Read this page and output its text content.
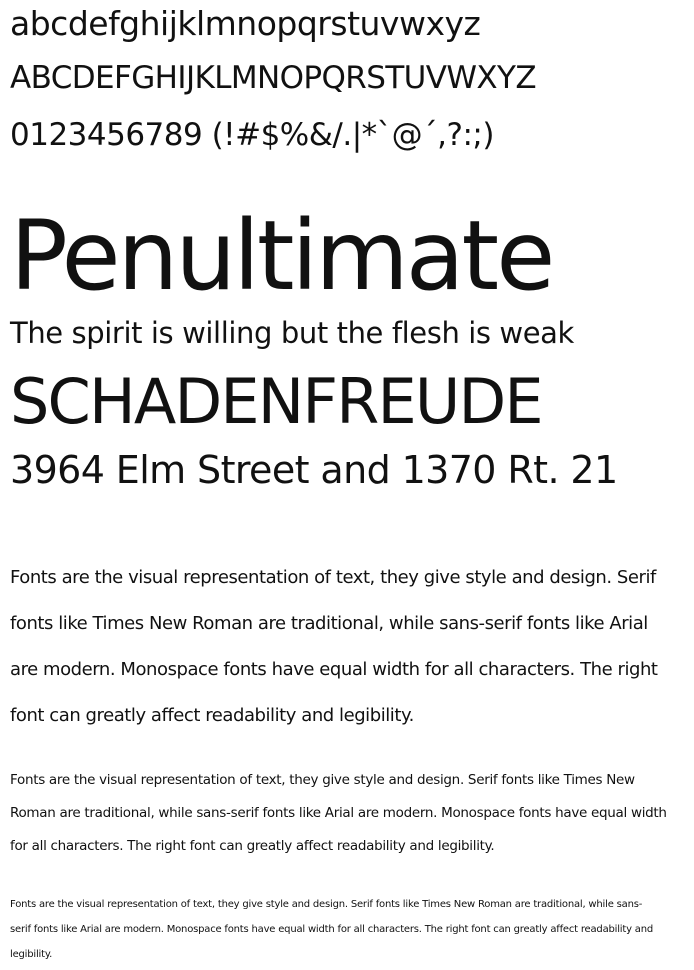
abcdefghijklmnopqrstuvwxyz
ABCDEFGHIJKLMNOPQRSTUVWXYZ
0123456789 (!#$%&/.|*`@´,?:;)
Penultimate
The spirit is willing but the flesh is weak
SCHADENFREUDE
3964 Elm Street and 1370 Rt. 21

Fonts are the visual representation of text, they give style and design. Serif fonts like Times New Roman are traditional, while sans-serif fonts like Arial are modern. Monospace fonts have equal width for all characters. The right font can greatly affect readability and legibility.

Fonts are the visual representation of text, they give style and design. Serif fonts like Times New Roman are traditional, while sans-serif fonts like Arial are modern. Monospace fonts have equal width for all characters. The right font can greatly affect readability and legibility.

Fonts are the visual representation of text, they give style and design. Serif fonts like Times New Roman are traditional, while sans-serif fonts like Arial are modern. Monospace fonts have equal width for all characters. The right font can greatly affect readability and legibility.
